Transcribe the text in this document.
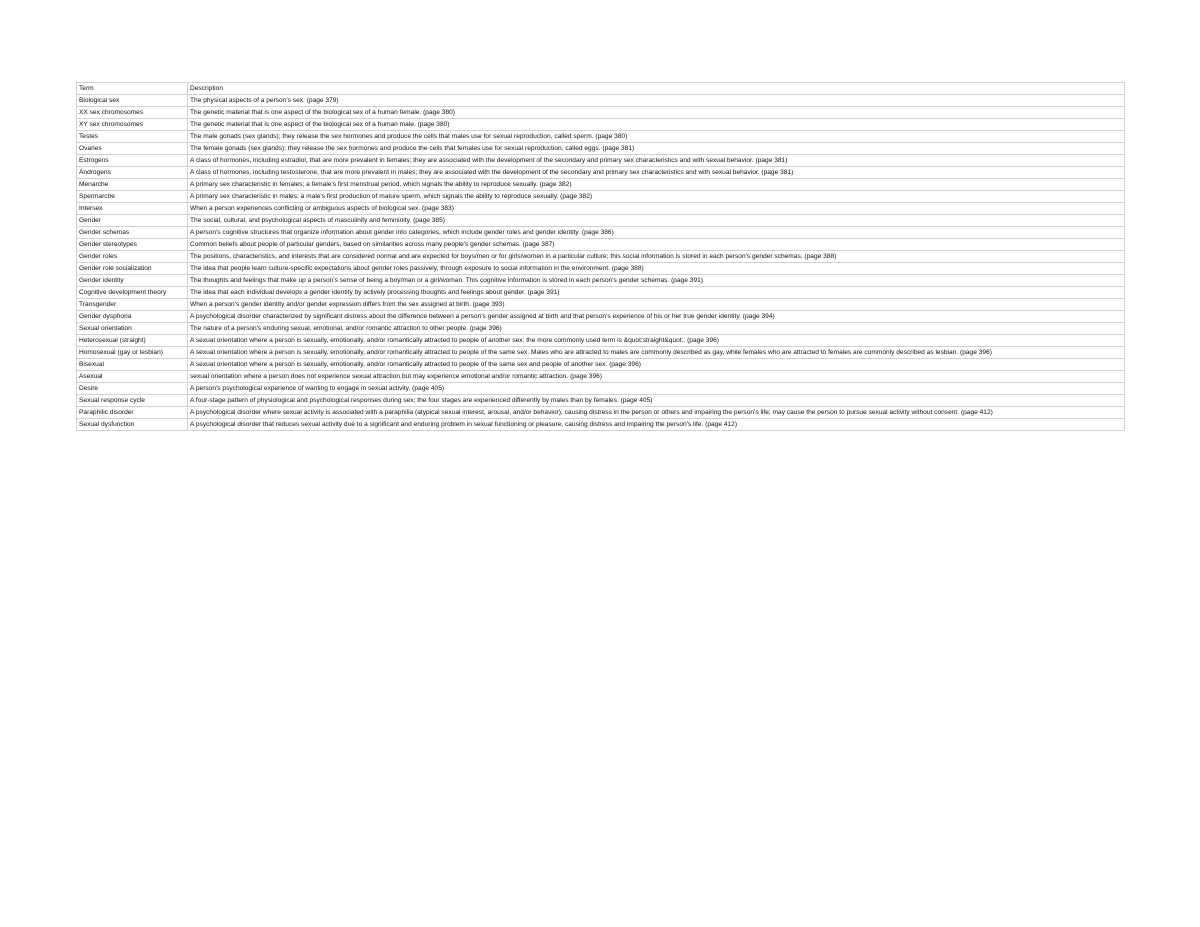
Term	Description
Biological sex	The physical aspects of a person's sex. (page 379)
XX sex chromosomes	The genetic material that is one aspect of the biological sex of a human female. (page 380)
XY sex chromosomes	The genetic material that is one aspect of the biological sex of a human male. (page 380)
Testes	The male gonads (sex glands); they release the sex hormones and produce the cells that males use for sexual reproduction, called sperm. (page 380)
Ovaries	The female gonads (sex glands); they release the sex hormones and produce the cells that females use for sexual reproduction, called eggs. (page 381)
Estrogens	A class of hormones, including estradiol, that are more prevalent in females; they are associated with the development of the secondary and primary sex characteristics and with sexual behavior. (page 381)
Androgens	A class of hormones, including testosterone, that are more prevalent in males; they are associated with the development of the secondary and primary sex characteristics and with sexual behavior. (page 381)
Menarche	A primary sex characteristic in females; a female's first menstrual period, which signals the ability to reproduce sexually. (page 382)
Spermarche	A primary sex characteristic in males; a male's first production of mature sperm, which signals the ability to reproduce sexually. (page 382)
Intersex	When a person experiences conflicting or ambiguous aspects of biological sex. (page 383)
Gender	The social, cultural, and psychological aspects of masculinity and femininity. (page 385)
Gender schemas	A person's cognitive structures that organize information about gender into categories, which include gender roles and gender identity. (page 386)
Gender stereotypes	Common beliefs about people of particular genders, based on similarities across many people's gender schemas. (page 387)
Gender roles	The positions, characteristics, and interests that are considered normal and are expected for boys/men or for girls/women in a particular culture; this social information is stored in each person's gender schemas. (page 388)
Gender role socialization	The idea that people learn culture-specific expectations about gender roles passively, through exposure to social information in the environment. (page 388)
Gender identity	The thoughts and feelings that make up a person's sense of being a boy/man or a girl/woman. This cognitive information is stored in each person's gender schemas. (page 391)
Cognitive development theory	The idea that each individual develops a gender identity by actively processing thoughts and feelings about gender. (page 391)
Transgender	When a person's gender identity and/or gender expression differs from the sex assigned at birth. (page 393)
Gender dysphoria	A psychological disorder characterized by significant distress about the difference between a person's gender assigned at birth and that person's experience of his or her true gender identity. (page 394)
Sexual orientation	The nature of a person's enduring sexual, emotional, and/or romantic attraction to other people. (page 396)
Heterosexual (straight)	A sexual orientation where a person is sexually, emotionally, and/or romantically attracted to people of another sex; the more commonly used term is &quot;straight&quot;. (page 396)
Homosexual (gay or lesbian)	A sexual orientation where a person is sexually, emotionally, and/or romantically attracted to people of the same sex. Males who are attracted to males are commonly described as gay, while females who are attracted to females are commonly described as lesbian. (page 396)
Bisexual	A sexual orientation where a person is sexually, emotionally, and/or romantically attracted to people of the same sex and people of another sex. (page 396)
Asexual	sexual orientation where a person does not experience sexual attraction but may experience emotional and/or romantic attraction. (page 396)
Desire	A person's psychological experience of wanting to engage in sexual activity. (page 405)
Sexual response cycle	A four-stage pattern of physiological and psychological responses during sex; the four stages are experienced differently by males than by females. (page 405)
Paraphilic disorder	A psychological disorder where sexual activity is associated with a paraphilia (atypical sexual interest, arousal, and/or behavior), causing distress in the person or others and impairing the person's life; may cause the person to pursue sexual activity without consent. (page 412)
Sexual dysfunction	A psychological disorder that reduces sexual activity due to a significant and enduring problem in sexual functioning or pleasure, causing distress and impairing the person's life. (page 412)
